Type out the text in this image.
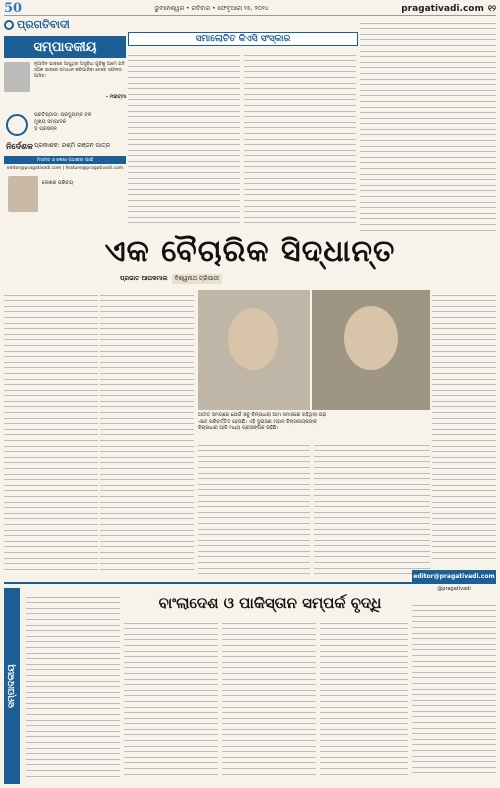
50	ଭୁବନେଶ୍ୱର • ରବିବାର • ଫେବୃଆରୀ ୨୫, ୨୦୨୪	pragativadi.com ୧୨
ପ୍ରଗତିବାଦୀ
ସମ୍ପାଦକୀୟ
ନୂଆଦିନ ଭାବରେ ଆସୁଥିବା ଅସୁବିଧା ଗୁଡ଼ିକୁ ଆମେ ଯଦି ସଠିକ ଭାବରେ ସମାଧାନ କରିପାରିବା ତେବେ ସଫଳତା ଆସିବ।
- ମହାତ୍ମା
ପ୍ରତିଷ୍ଠାତା: ପ୍ରଦ୍ୟୁମ୍ନ ବଳ
ମୁଖ୍ୟ ସମ୍ପାଦକ
ଡ଼ ପ୍ରସନ୍ନ
ନିର୍ଦେଶକ ପ୍ରକାଶକ: ରଶ୍ମି ରଞ୍ଜନ ପାତ୍ର
ମତାମତ ଓ ଲେଖା ପଠାଇବା ପାଇଁ
editor@pragativadi.com | feature@pragativadi.com
ଲେଖକ ପରିଚୟ
ସମାଲୋଚିତ କିଏସି ସଂସ୍କାର
ଏକ ବୈଚାରିକ ସିଦ୍ଧାନ୍ତ
ପ୍ରଭାତ ଆତାକମାଲ	ବିଶ୍ୱନାଥ ତ୍ରିପାଠୀ
ଅତୀତ ସମୟରେ ଯେଉଁ ସବୁ ଚିନ୍ତାଧାରା ଆମ ସମାଜରେ ରହିଥିଲା ତାହା
ଏବେ ପରିବର୍ତ୍ତିତ ହେଉଛି। ଏହି ଦୁଇଜଣ ମହାନ ଚିନ୍ତାନାୟକଙ୍କ
ବିଚାରଧାରା ଆଜି ମଧ୍ୟ ପ୍ରାସଙ୍ଗିକ ରହିଛି।
editor@pragativadi.com
@pragativadi
ସମ୍ପାଦକୀୟ
ବାଂଲାଦେଶ ଓ ପାକିସ୍ତାନ ସମ୍ପର୍କ ବୃଦ୍ଧି
